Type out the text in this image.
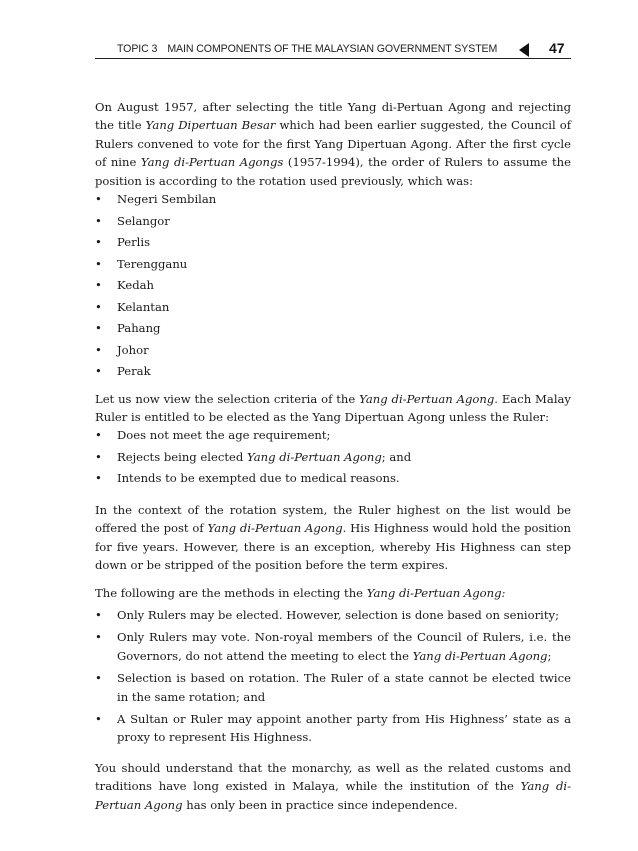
TOPIC 3 MAIN COMPONENTS OF THE MALAYSIAN GOVERNMENT SYSTEM	47

On August 1957, after selecting the title Yang di-Pertuan Agong and rejecting the title Yang Dipertuan Besar which had been earlier suggested, the Council of Rulers convened to vote for the first Yang Dipertuan Agong. After the first cycle of nine Yang di-Pertuan Agongs (1957-1994), the order of Rulers to assume the position is according to the rotation used previously, which was:

• Negeri Sembilan
• Selangor
• Perlis
• Terengganu
• Kedah
• Kelantan
• Pahang
• Johor
• Perak

Let us now view the selection criteria of the Yang di-Pertuan Agong. Each Malay Ruler is entitled to be elected as the Yang Dipertuan Agong unless the Ruler:

• Does not meet the age requirement;
• Rejects being elected Yang di-Pertuan Agong; and
• Intends to be exempted due to medical reasons.

In the context of the rotation system, the Ruler highest on the list would be offered the post of Yang di-Pertuan Agong. His Highness would hold the position for five years. However, there is an exception, whereby His Highness can step down or be stripped of the position before the term expires.

The following are the methods in electing the Yang di-Pertuan Agong:

• Only Rulers may be elected. However, selection is done based on seniority;
• Only Rulers may vote. Non-royal members of the Council of Rulers, i.e. the Governors, do not attend the meeting to elect the Yang di-Pertuan Agong;
• Selection is based on rotation. The Ruler of a state cannot be elected twice in the same rotation; and
• A Sultan or Ruler may appoint another party from His Highness’ state as a proxy to represent His Highness.

You should understand that the monarchy, as well as the related customs and traditions have long existed in Malaya, while the institution of the Yang di-Pertuan Agong has only been in practice since independence.
